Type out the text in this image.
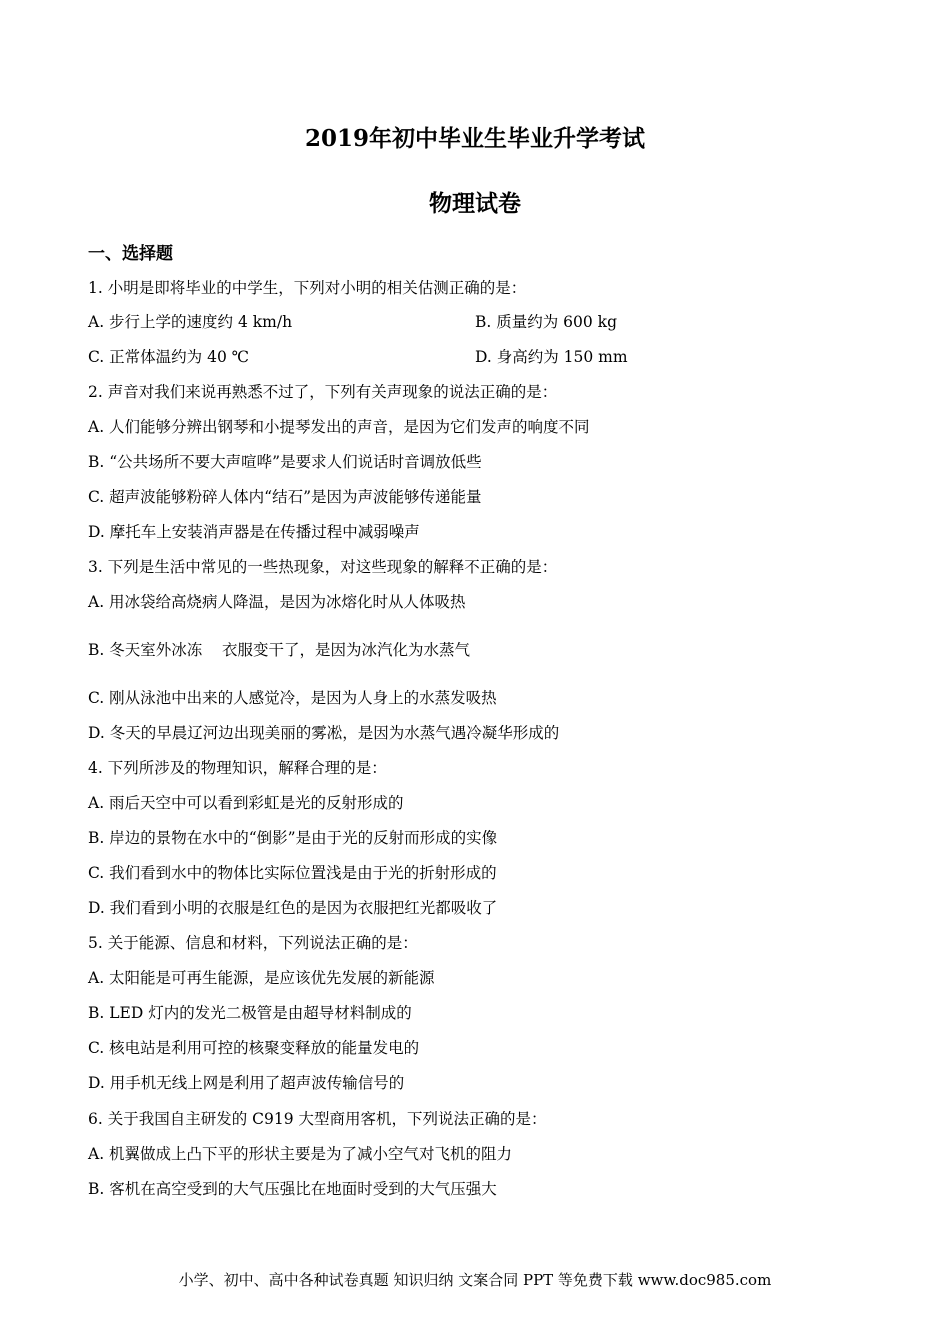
2019年初中毕业生毕业升学考试
物理试卷
一、选择题
1. 小明是即将毕业的中学生，下列对小明的相关估测正确的是：
A. 步行上学的速度约 4 km/h	B. 质量约为 600 kg
C. 正常体温约为 40 ℃	D. 身高约为 150 mm
2. 声音对我们来说再熟悉不过了，下列有关声现象的说法正确的是：
A. 人们能够分辨出钢琴和小提琴发出的声音，是因为它们发声的响度不同
B. “公共场所不要大声喧哗”是要求人们说话时音调放低些
C. 超声波能够粉碎人体内“结石”是因为声波能够传递能量
D. 摩托车上安装消声器是在传播过程中减弱噪声
3. 下列是生活中常见的一些热现象，对这些现象的解释不正确的是：
A. 用冰袋给高烧病人降温，是因为冰熔化时从人体吸热
B. 冬天室外冰冻    衣服变干了，是因为冰汽化为水蒸气
C. 刚从泳池中出来的人感觉冷，是因为人身上的水蒸发吸热
D. 冬天的早晨辽河边出现美丽的雾凇，是因为水蒸气遇冷凝华形成的
4. 下列所涉及的物理知识，解释合理的是：
A. 雨后天空中可以看到彩虹是光的反射形成的
B. 岸边的景物在水中的“倒影”是由于光的反射而形成的实像
C. 我们看到水中的物体比实际位置浅是由于光的折射形成的
D. 我们看到小明的衣服是红色的是因为衣服把红光都吸收了
5. 关于能源、信息和材料，下列说法正确的是：
A. 太阳能是可再生能源，是应该优先发展的新能源
B. LED 灯内的发光二极管是由超导材料制成的
C. 核电站是利用可控的核聚变释放的能量发电的
D. 用手机无线上网是利用了超声波传输信号的
6. 关于我国自主研发的 C919 大型商用客机，下列说法正确的是：
A. 机翼做成上凸下平的形状主要是为了减小空气对飞机的阻力
B. 客机在高空受到的大气压强比在地面时受到的大气压强大
小学、初中、高中各种试卷真题 知识归纳 文案合同 PPT 等免费下载 www.doc985.com
